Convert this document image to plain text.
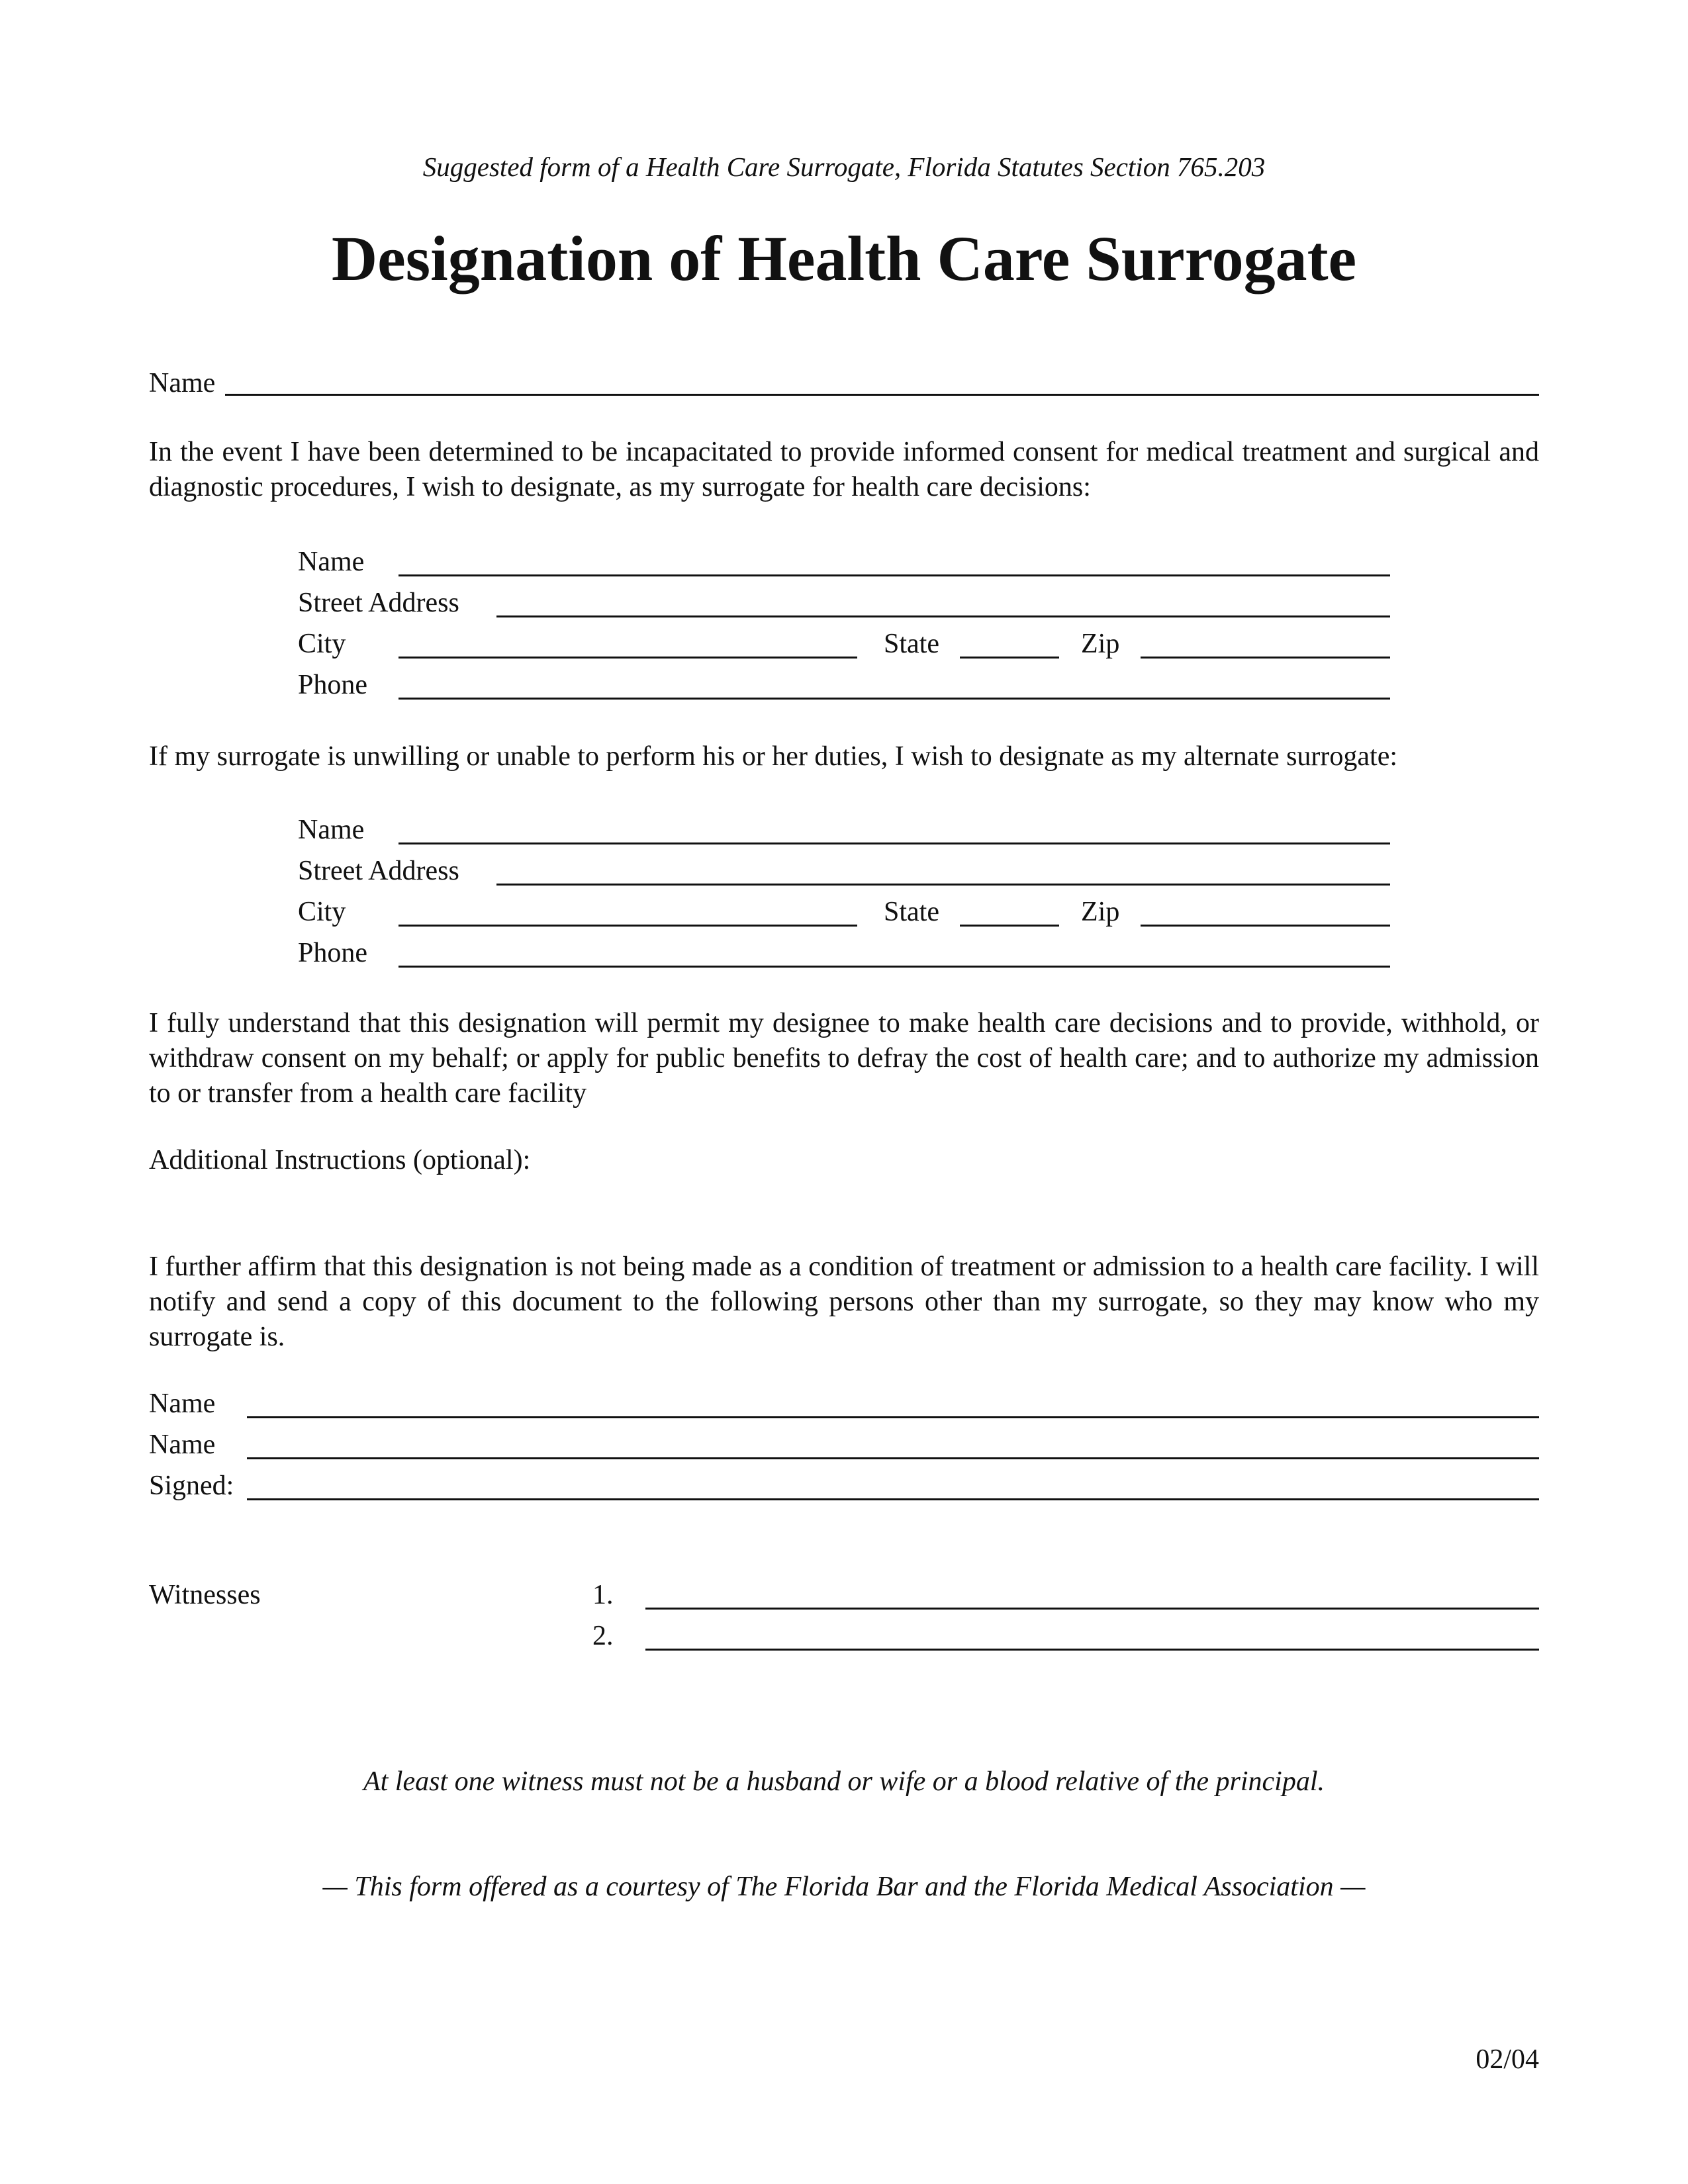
Suggested form of a Health Care Surrogate, Florida Statutes Section 765.203
Designation of Health Care Surrogate
Name
In the event I have been determined to be incapacitated to provide informed consent for medical treatment and surgical and diagnostic procedures, I wish to designate, as my surrogate for health care decisions:
Name
Street Address
City	State	Zip
Phone
If my surrogate is unwilling or unable to perform his or her duties, I wish to designate as my alternate surrogate:
Name
Street Address
City	State	Zip
Phone
I fully understand that this designation will permit my designee to make health care decisions and to provide, withhold, or withdraw consent on my behalf; or apply for public benefits to defray the cost of health care; and to authorize my admission to or transfer from a health care facility
Additional Instructions (optional):
I further affirm that this designation is not being made as a condition of treatment or admission to a health care facility. I will notify and send a copy of this document to the following persons other than my surrogate, so they may know who my surrogate is.
Name
Name
Signed:
Witnesses	1.
2.
At least one witness must not be a husband or wife or a blood relative of the principal.
— This form offered as a courtesy of The Florida Bar and the Florida Medical Association —
02/04
